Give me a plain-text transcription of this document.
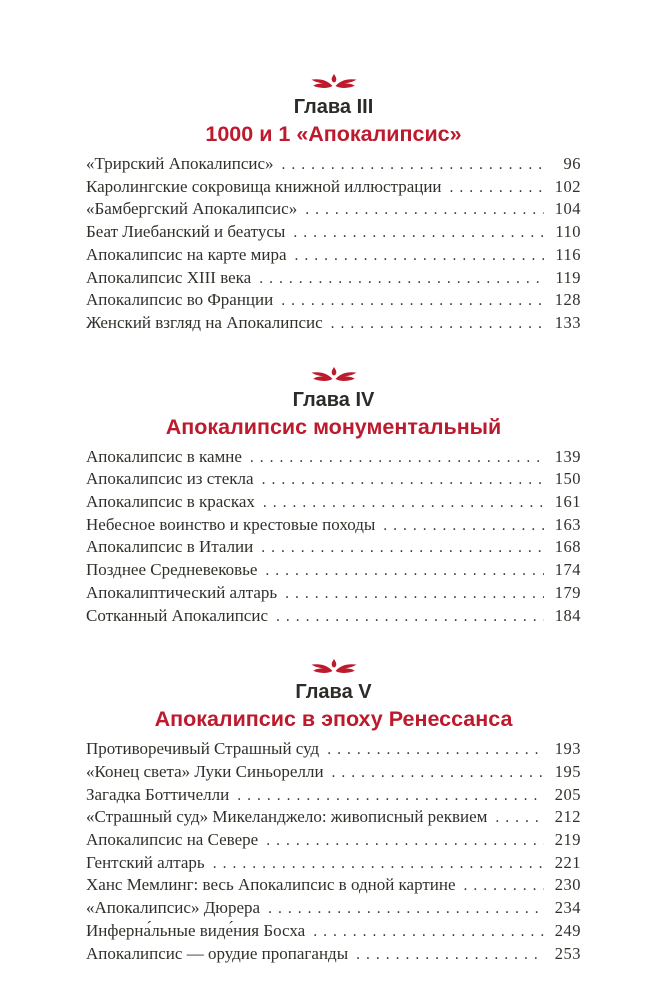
Глава III
1000 и 1 «Апокалипсис»
«Трирский Апокалипсис» .....	96
Каролингские сокровища книжной иллюстрации .....	102
«Бамбергский Апокалипсис» .....	104
Беат Лиебанский и беатусы .....	110
Апокалипсис на карте мира .....	116
Апокалипсис XIII века .....	119
Апокалипсис во Франции .....	128
Женский взгляд на Апокалипсис .....	133
Глава IV
Апокалипсис монументальный
Апокалипсис в камне .....	139
Апокалипсис из стекла .....	150
Апокалипсис в красках .....	161
Небесное воинство и крестовые походы .....	163
Апокалипсис в Италии .....	168
Позднее Средневековье .....	174
Апокалиптический алтарь .....	179
Сотканный Апокалипсис .....	184
Глава V
Апокалипсис в эпоху Ренессанса
Противоречивый Страшный суд .....	193
«Конец света» Луки Синьорелли .....	195
Загадка Боттичелли .....	205
«Страшный суд» Микеланджело: живописный реквием .....	212
Апокалипсис на Севере .....	219
Гентский алтарь .....	221
Ханс Мемлинг: весь Апокалипсис в одной картине .....	230
«Апокалипсис» Дюрера .....	234
Инферна́льные виде́ния Босха .....	249
Апокалипсис — орудие пропаганды .....	253
